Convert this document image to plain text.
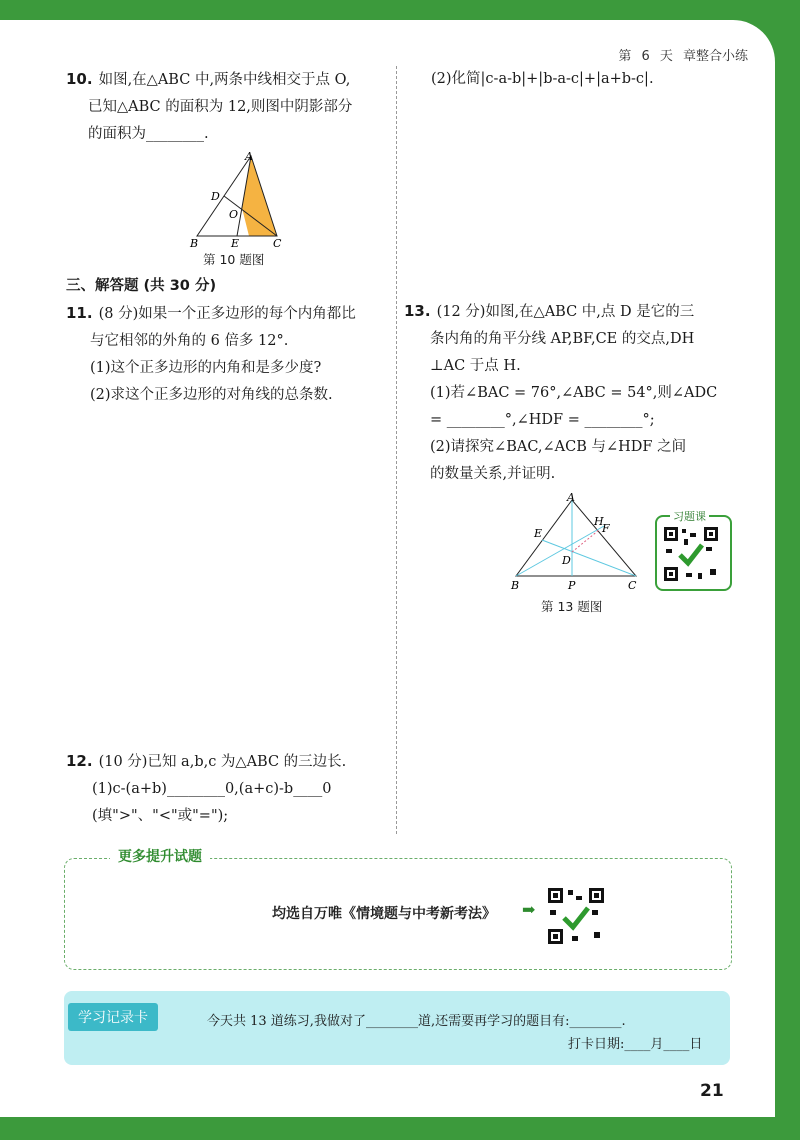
第 6 天 章整合小练
10. 如图,在△ABC 中,两条中线相交于点 O,
已知△ABC 的面积为 12,则图中阴影部分
的面积为________.
A
D
O
B	E	C
第 10 题图
三、解答题 (共 30 分)
11. (8 分)如果一个正多边形的每个内角都比
与它相邻的外角的 6 倍多 12°.
(1)这个正多边形的内角和是多少度?
(2)求这个正多边形的对角线的总条数.
12. (10 分)已知 a,b,c 为△ABC 的三边长.
(1)c-(a+b)________0,(a+c)-b____0
(填">"、"<"或"=");
(2)化简|c-a-b|+|b-a-c|+|a+b-c|.
13. (12 分)如图,在△ABC 中,点 D 是它的三
条内角的角平分线 AP,BF,CE 的交点,DH
⊥AC 于点 H.
(1)若∠BAC = 76°,∠ABC = 54°,则∠ADC
= ________°,∠HDF = ________°;
(2)请探究∠BAC,∠ACB 与∠HDF 之间
的数量关系,并证明.
A
E
H
F
D
B	P	C
第 13 题图
习题课
更多提升试题
均选自万唯《情境题与中考新考法》 ➡
学习记录卡	今天共 13 道练习,我做对了________道,还需要再学习的题目有:________.
打卡日期:____月____日
21
